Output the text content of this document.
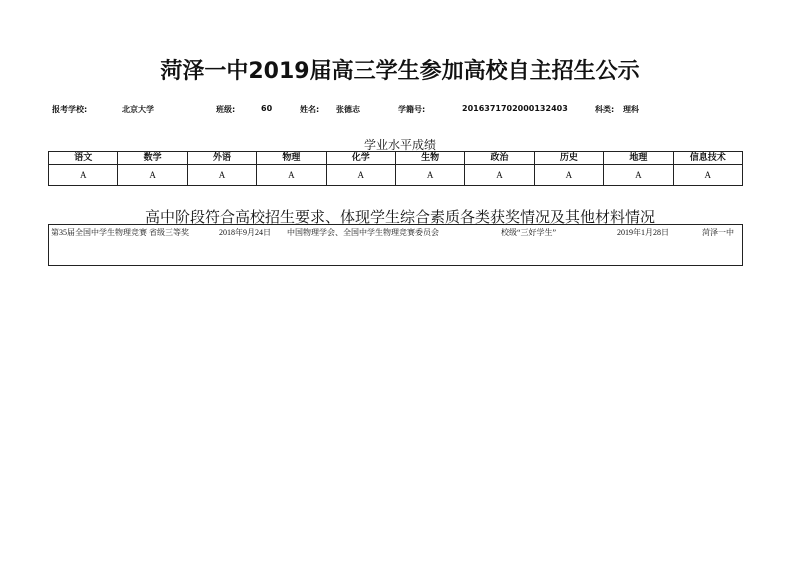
菏泽一中2019届高三学生参加高校自主招生公示
报考学校:	北京大学	班级:	60	姓名: 张德志	学籍号:	2016371702000132403	科类: 理科
学业水平成绩
语文	数学	外语	物理	化学	生物	政治	历史	地理	信息技术
A	A	A	A	A	A	A	A	A	A
高中阶段符合高校招生要求、体现学生综合素质各类获奖情况及其他材料情况
第35届全国中学生物理竞赛 省级三等奖	2018年9月24日 中国物理学会、全国中学生物理竞赛委员会	校级“三好学生”	2019年1月28日	菏泽一中
